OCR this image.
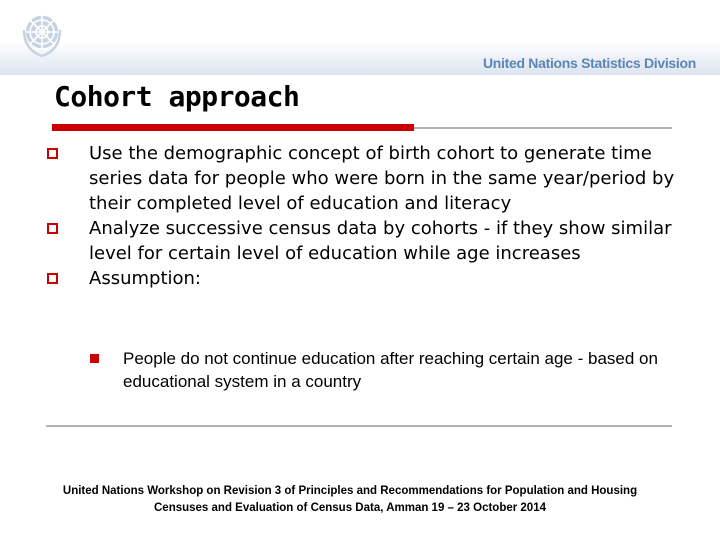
United Nations Statistics Division
Cohort approach
Use the demographic concept of birth cohort to generate time series data for people who were born in the same year/period by their completed level of education and literacy
Analyze successive census data by cohorts - if they show similar level for certain level of education while age increases
Assumption:
People do not continue education after reaching certain age - based on educational system in a country
United Nations Workshop on Revision 3 of Principles and Recommendations for Population and Housing
Censuses and Evaluation of Census Data, Amman 19 – 23 October 2014
